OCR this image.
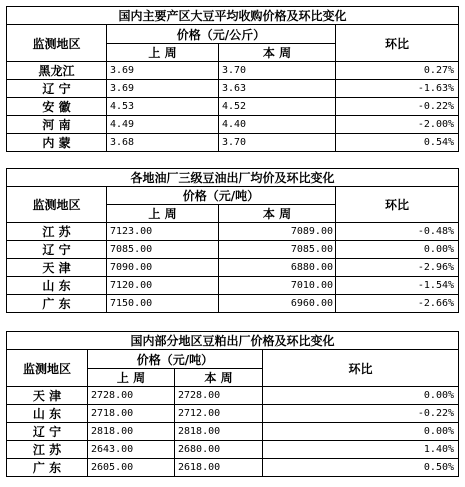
国内主要产区大豆平均收购价格及环比变化			
监测地区	价格（元/公斤）		环比
	上 周	本 周	
黑龙江	3.69	3.70	0.27%
辽 宁	3.69	3.63	-1.63%
安 徽	4.53	4.52	-0.22%
河 南	4.49	4.40	-2.00%
内 蒙	3.68	3.70	0.54%
各地油厂三级豆油出厂均价及环比变化			
监测地区	价格（元/吨）		环比
	上 周	本 周	
江 苏	7123.00	7089.00	-0.48%
辽 宁	7085.00	7085.00	0.00%
天 津	7090.00	6880.00	-2.96%
山 东	7120.00	7010.00	-1.54%
广 东	7150.00	6960.00	-2.66%
国内部分地区豆粕出厂价格及环比变化			
监测地区	价格（元/吨）		环比
	上 周	本 周	
天 津	2728.00	2728.00	0.00%
山 东	2718.00	2712.00	-0.22%
辽 宁	2818.00	2818.00	0.00%
江 苏	2643.00	2680.00	1.40%
广 东	2605.00	2618.00	0.50%
